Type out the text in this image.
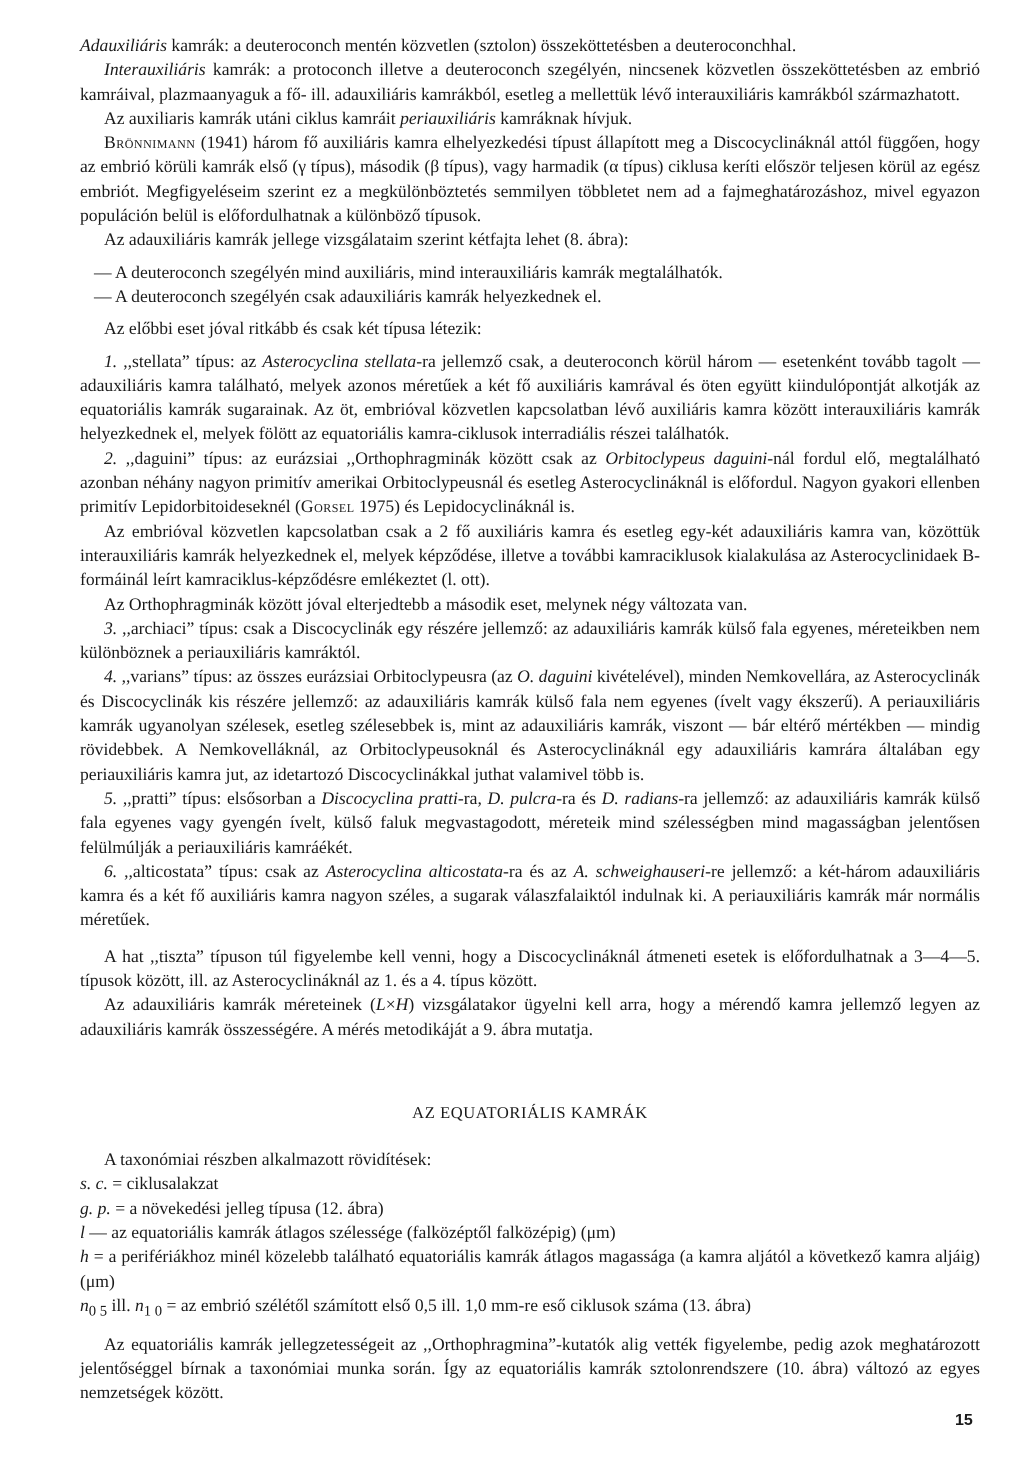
Adauxiliáris kamrák: a deuteroconch mentén közvetlen (sztolon) összeköttetésben a deuteroconchhal.

Interauxiliáris kamrák: a protoconch illetve a deuteroconch szegélyén, nincsenek közvetlen összeköttetésben az embrió kamráival, plazmaanyaguk a fő- ill. adauxiliáris kamrákból, esetleg a mellettük lévő interauxiliáris kamrákból származhatott.

Az auxiliaris kamrák utáni ciklus kamráit periauxiliáris kamráknak hívjuk.

Brönnimann (1941) három fő auxiliáris kamra elhelyezkedési típust állapított meg a Discocyclináknál attól függően, hogy az embrió körüli kamrák első (γ típus), második (β típus), vagy harmadik (α típus) ciklusa keríti először teljesen körül az egész embriót. Megfigyeléseim szerint ez a megkülönböztetés semmilyen többletet nem ad a fajmeghatározáshoz, mivel egyazon populáción belül is előfordulhatnak a különböző típusok.

Az adauxiliáris kamrák jellege vizsgálataim szerint kétfajta lehet (8. ábra):

— A deuteroconch szegélyén mind auxiliáris, mind interauxiliáris kamrák megtalálhatók.

— A deuteroconch szegélyén csak adauxiliáris kamrák helyezkednek el.

Az előbbi eset jóval ritkább és csak két típusa létezik:

1. ,,stellata” típus: az Asterocyclina stellata-ra jellemző csak, a deuteroconch körül három — esetenként tovább tagolt — adauxiliáris kamra található, melyek azonos méretűek a két fő auxiliáris kamrával és öten együtt kiindulópontját alkotják az equatoriális kamrák sugarainak. Az öt, embrióval közvetlen kapcsolatban lévő auxiliáris kamra között interauxiliáris kamrák helyezkednek el, melyek fölött az equatoriális kamra-ciklusok interradiális részei találhatók.

2. ,,daguini” típus: az eurázsiai ,,Orthophragminák között csak az Orbitoclypeus daguini-nál fordul elő, megtalálható azonban néhány nagyon primitív amerikai Orbitoclypeusnál és esetleg Asterocyclináknál is előfordul. Nagyon gyakori ellenben primitív Lepidorbitoideseknél (Gorsel 1975) és Lepidocyclináknál is.

Az embrióval közvetlen kapcsolatban csak a 2 fő auxiliáris kamra és esetleg egy-két adauxiliáris kamra van, közöttük interauxiliáris kamrák helyezkednek el, melyek képződése, illetve a további kamraciklusok kialakulása az Asterocyclinidaek B-formáinál leírt kamraciklus-képződésre emlékeztet (l. ott).

Az Orthophragminák között jóval elterjedtebb a második eset, melynek négy változata van.

3. ,,archiaci” típus: csak a Discocyclinák egy részére jellemző: az adauxiliáris kamrák külső fala egyenes, méreteikben nem különböznek a periauxiliáris kamráktól.

4. ,,varians” típus: az összes eurázsiai Orbitoclypeusra (az O. daguini kivételével), minden Nemkovellára, az Asterocyclinák és Discocyclinák kis részére jellemző: az adauxiliáris kamrák külső fala nem egyenes (ívelt vagy ékszerű). A periauxiliáris kamrák ugyanolyan szélesek, esetleg szélesebbek is, mint az adauxiliáris kamrák, viszont — bár eltérő mértékben — mindig rövidebbek. A Nemkovelláknál, az Orbitoclypeusoknál és Asterocyclináknál egy adauxiliáris kamrára általában egy periauxiliáris kamra jut, az idetartozó Discocyclinákkal juthat valamivel több is.

5. ,,pratti” típus: elsősorban a Discocyclina pratti-ra, D. pulcra-ra és D. radians-ra jellemző: az adauxiliáris kamrák külső fala egyenes vagy gyengén ívelt, külső faluk megvastagodott, méreteik mind szélességben mind magasságban jelentősen felülmúlják a periauxiliáris kamráékét.

6. ,,alticostata” típus: csak az Asterocyclina alticostata-ra és az A. schweighauseri-re jellemző: a két-három adauxiliáris kamra és a két fő auxiliáris kamra nagyon széles, a sugarak válaszfalaiktól indulnak ki. A periauxiliáris kamrák már normális méretűek.

A hat ,,tiszta” típuson túl figyelembe kell venni, hogy a Discocyclináknál átmeneti esetek is előfordulhatnak a 3—4—5. típusok között, ill. az Asterocyclináknál az 1. és a 4. típus között.

Az adauxiliáris kamrák méreteinek (L×H) vizsgálatakor ügyelni kell arra, hogy a mérendő kamra jellemző legyen az adauxiliáris kamrák összességére. A mérés metodikáját a 9. ábra mutatja.

AZ EQUATORIÁLIS KAMRÁK

A taxonómiai részben alkalmazott rövidítések:

s. c. = ciklusalakzat

g. p. = a növekedési jelleg típusa (12. ábra)

l — az equatoriális kamrák átlagos szélessége (falközéptől falközépig) (μm)

h = a perifériákhoz minél közelebb található equatoriális kamrák átlagos magassága (a kamra aljától a következő kamra aljáig) (μm)

$n_{0 5}$ ill. $n_{1 0}$ = az embrió szélétől számított első 0,5 ill. 1,0 mm-re eső ciklusok száma (13. ábra)

Az equatoriális kamrák jellegzetességeit az ,,Orthophragmina”-kutatók alig vették figyelembe, pedig azok meghatározott jelentőséggel bírnak a taxonómiai munka során. Így az equatoriális kamrák sztolonrendszere (10. ábra) változó az egyes nemzetségek között.

15
